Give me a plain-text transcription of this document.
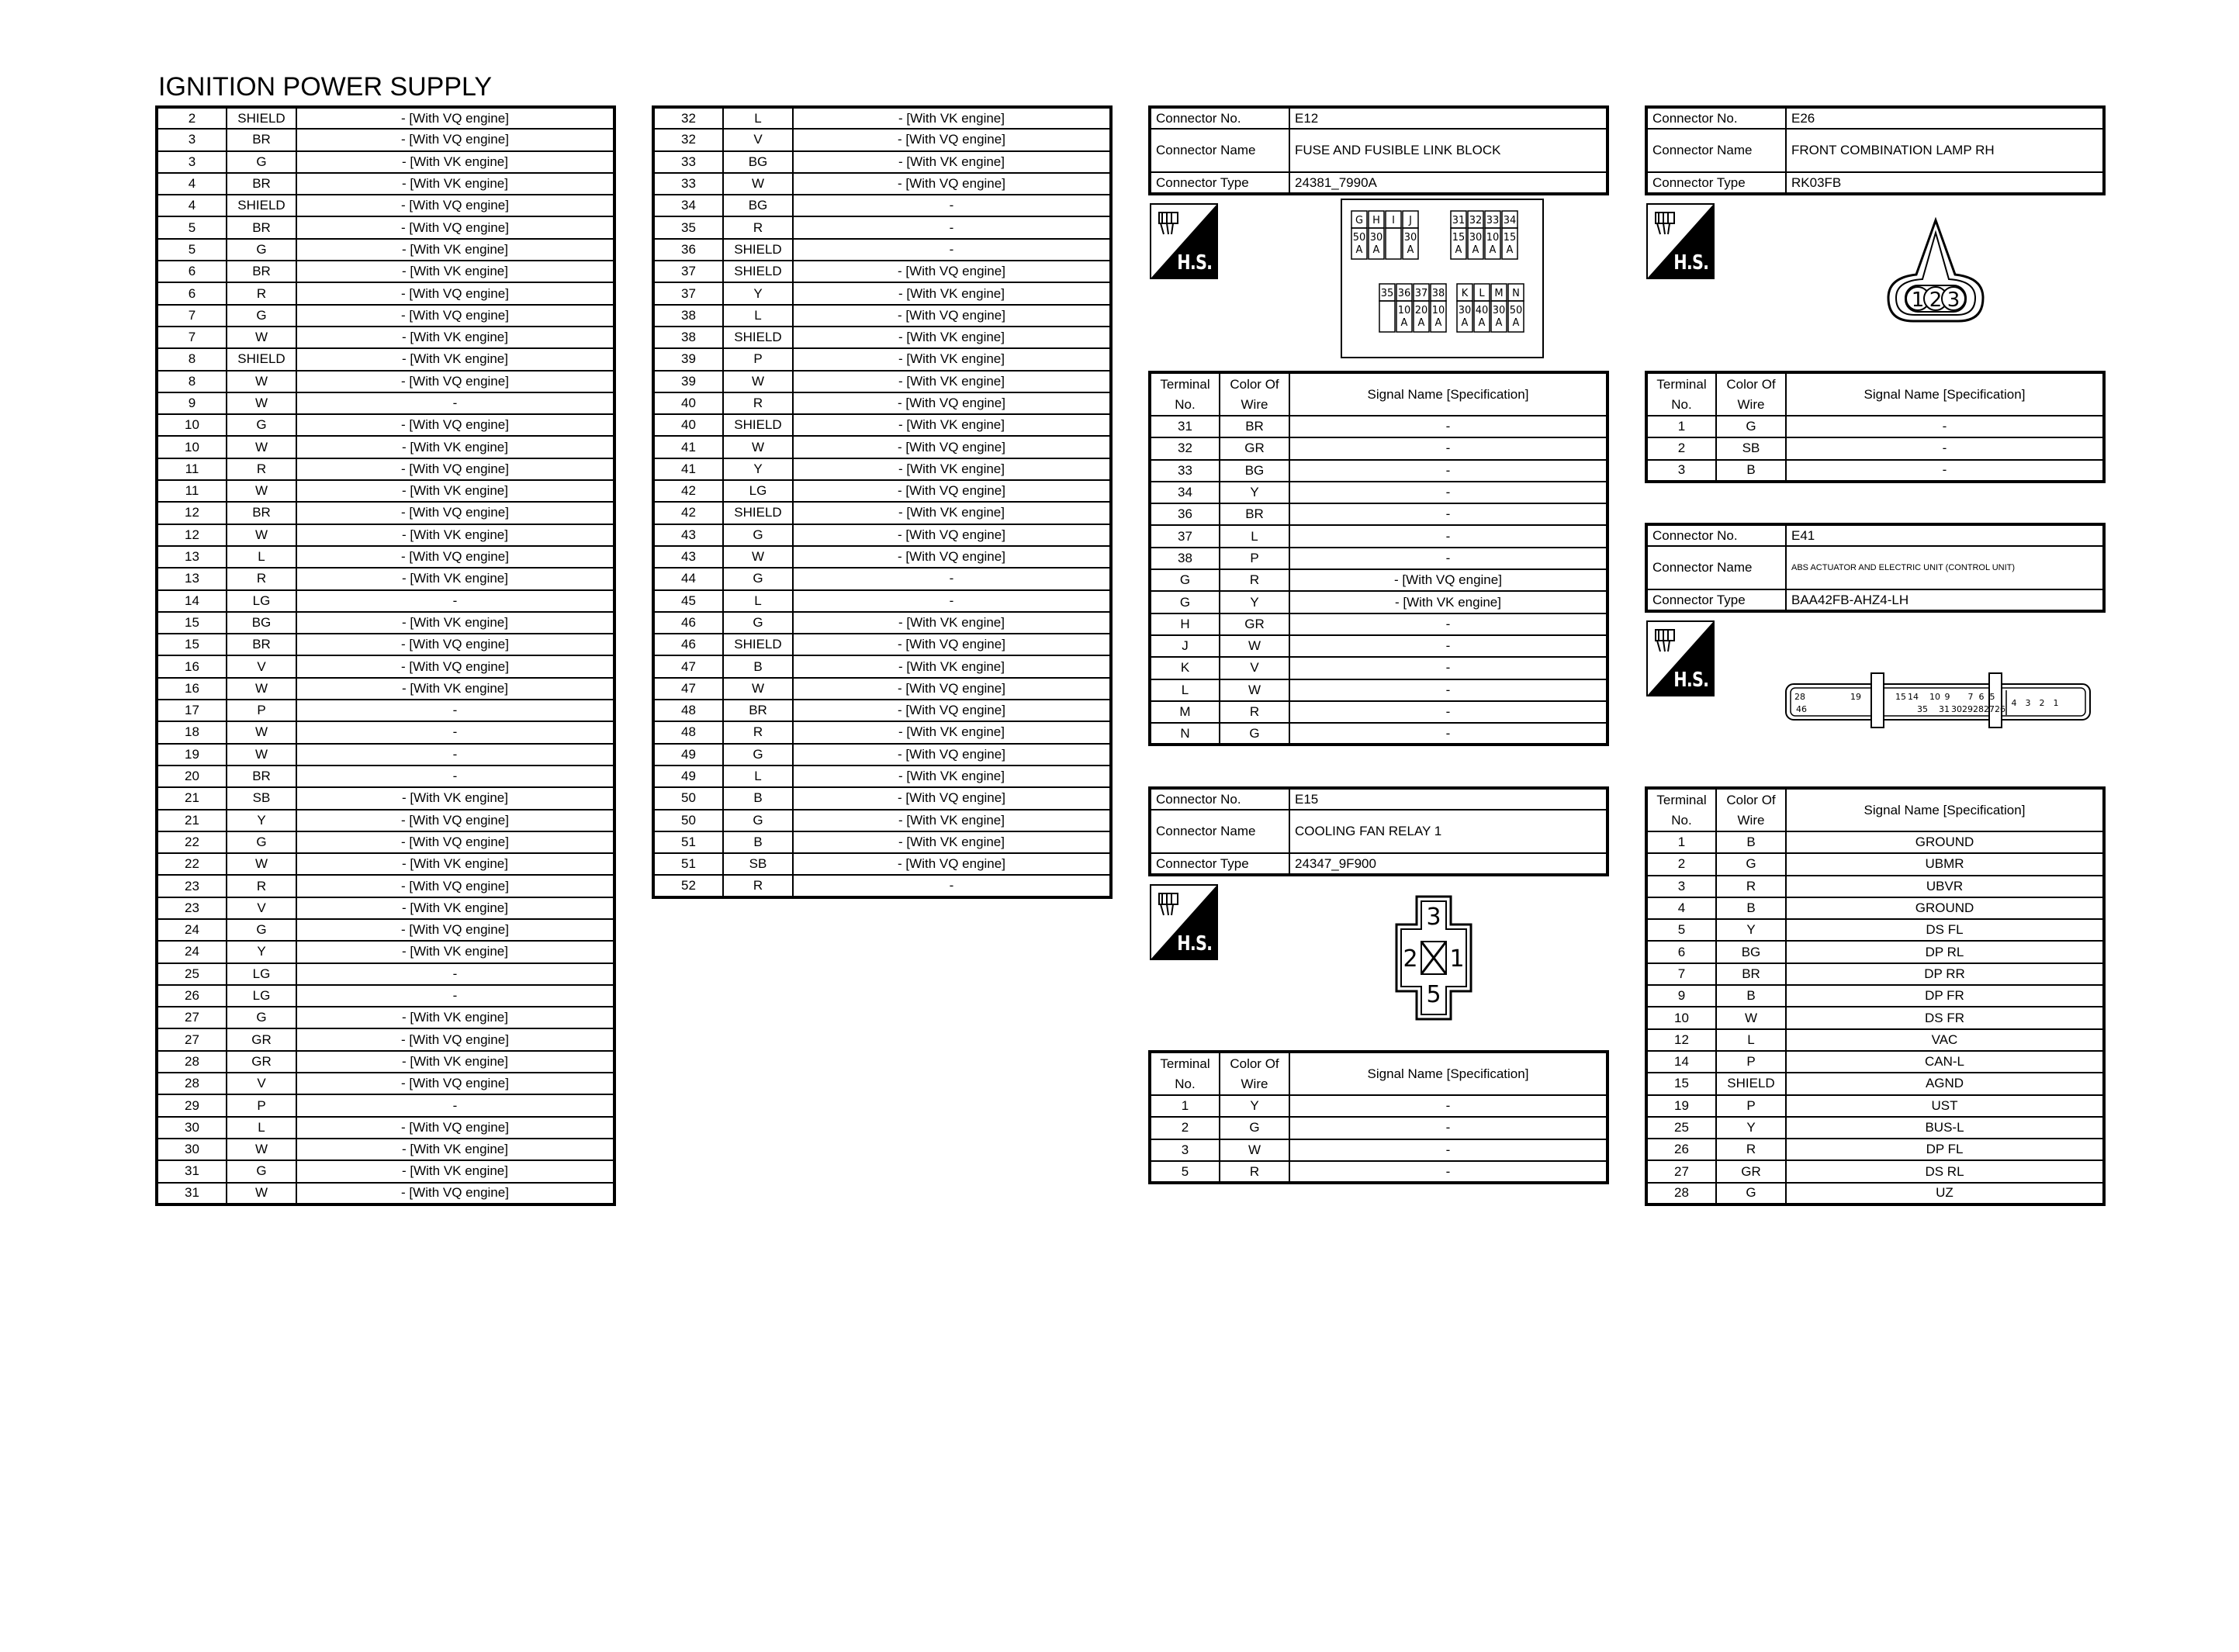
IGNITION POWER SUPPLY
2	SHIELD	- [With VQ engine]
3	BR	- [With VQ engine]
3	G	- [With VK engine]
4	BR	- [With VK engine]
4	SHIELD	- [With VQ engine]
5	BR	- [With VQ engine]
5	G	- [With VK engine]
6	BR	- [With VK engine]
6	R	- [With VQ engine]
7	G	- [With VQ engine]
7	W	- [With VK engine]
8	SHIELD	- [With VK engine]
8	W	- [With VQ engine]
9	W	-
10	G	- [With VQ engine]
10	W	- [With VK engine]
11	R	- [With VQ engine]
11	W	- [With VK engine]
12	BR	- [With VQ engine]
12	W	- [With VK engine]
13	L	- [With VQ engine]
13	R	- [With VK engine]
14	LG	-
15	BG	- [With VK engine]
15	BR	- [With VQ engine]
16	V	- [With VQ engine]
16	W	- [With VK engine]
17	P	-
18	W	-
19	W	-
20	BR	-
21	SB	- [With VK engine]
21	Y	- [With VQ engine]
22	G	- [With VQ engine]
22	W	- [With VK engine]
23	R	- [With VQ engine]
23	V	- [With VK engine]
24	G	- [With VQ engine]
24	Y	- [With VK engine]
25	LG	-
26	LG	-
27	G	- [With VK engine]
27	GR	- [With VQ engine]
28	GR	- [With VK engine]
28	V	- [With VQ engine]
29	P	-
30	L	- [With VQ engine]
30	W	- [With VK engine]
31	G	- [With VK engine]
31	W	- [With VQ engine]
32	L	- [With VK engine]
32	V	- [With VQ engine]
33	BG	- [With VK engine]
33	W	- [With VQ engine]
34	BG	-
35	R	-
36	SHIELD	-
37	SHIELD	- [With VQ engine]
37	Y	- [With VK engine]
38	L	- [With VQ engine]
38	SHIELD	- [With VK engine]
39	P	- [With VK engine]
39	W	- [With VK engine]
40	R	- [With VQ engine]
40	SHIELD	- [With VK engine]
41	W	- [With VQ engine]
41	Y	- [With VK engine]
42	LG	- [With VQ engine]
42	SHIELD	- [With VK engine]
43	G	- [With VQ engine]
43	W	- [With VQ engine]
44	G	-
45	L	-
46	G	- [With VK engine]
46	SHIELD	- [With VQ engine]
47	B	- [With VK engine]
47	W	- [With VQ engine]
48	BR	- [With VQ engine]
48	R	- [With VK engine]
49	G	- [With VQ engine]
49	L	- [With VK engine]
50	B	- [With VQ engine]
50	G	- [With VK engine]
51	B	- [With VK engine]
51	SB	- [With VQ engine]
52	R	-
Connector No.	E12
Connector Name	FUSE AND FUSIBLE LINK BLOCK
Connector Type	24381_7990A
H.S.
G
50
A
H
30
A
I J
30
A
31
15
A
32
30
A
33
10
A
34
15
A
35 36
10
A
37
20
A
38
10
A
K
30
A
L
40
A
M
30
A
N
50
A
Terminal No.	Color Of Wire	Signal Name [Specification]
31	BR	-
32	GR	-
33	BG	-
34	Y	-
36	BR	-
37	L	-
38	P	-
G	R	- [With VQ engine]
G	Y	- [With VK engine]
H	GR	-
J	W	-
K	V	-
L	W	-
M	R	-
N	G	-
Connector No.	E15
Connector Name	COOLING FAN RELAY 1
Connector Type	24347_9F900
H.S.
3
2 1
5
Terminal No.	Color Of Wire	Signal Name [Specification]
1	Y	-
2	G	-
3	W	-
5	R	-
Connector No.	E26
Connector Name	FRONT COMBINATION LAMP RH
Connector Type	RK03FB
H.S.
1 2 3
Terminal No.	Color Of Wire	Signal Name [Specification]
1	G	-
2	SB	-
3	B	-
Connector No.	E41
Connector Name	ABS ACTUATOR AND ELECTRIC UNIT (CONTROL UNIT)
Connector Type	BAA42FB-AHZ4-LH
H.S.
28	19	15 14 10 9 7 6 5
46	35 31 30 29 28 27 26
4 3 2 1
Terminal No.	Color Of Wire	Signal Name [Specification]
1	B	GROUND
2	G	UBMR
3	R	UBVR
4	B	GROUND
5	Y	DS FL
6	BG	DP RL
7	BR	DP RR
9	B	DP FR
10	W	DS FR
12	L	VAC
14	P	CAN-L
15	SHIELD	AGND
19	P	UST
25	Y	BUS-L
26	R	DP FL
27	GR	DS RL
28	G	UZ
